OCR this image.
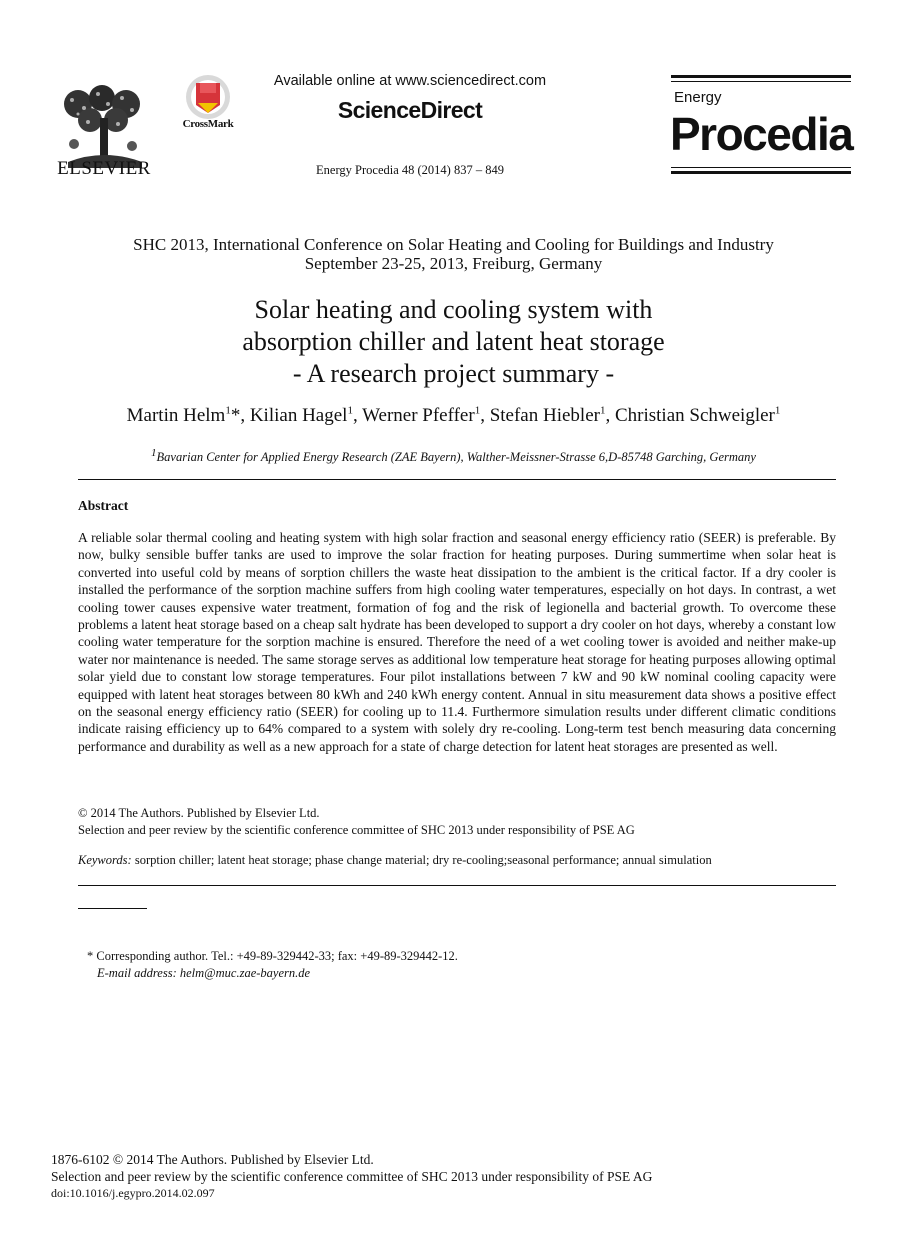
ELSEVIER
CrossMark
Available online at www.sciencedirect.com
ScienceDirect
Energy Procedia 48 (2014) 837 – 849
Energy
Procedia
SHC 2013, International Conference on Solar Heating and Cooling for Buildings and Industry
September 23-25, 2013, Freiburg, Germany
Solar heating and cooling system with
absorption chiller and latent heat storage
- A research project summary -
Martin Helm$^1$*, Kilian Hagel$^1$, Werner Pfeffer$^1$, Stefan Hiebler$^1$, Christian Schweigler$^1$
$^1$Bavarian Center for Applied Energy Research (ZAE Bayern), Walther-Meissner-Strasse 6,D-85748 Garching, Germany
Abstract
A reliable solar thermal cooling and heating system with high solar fraction and seasonal energy efficiency ratio (SEER) is preferable. By now, bulky sensible buffer tanks are used to improve the solar fraction for heating purposes. During summertime when solar heat is converted into useful cold by means of sorption chillers the waste heat dissipation to the ambient is the critical factor. If a dry cooler is installed the performance of the sorption machine suffers from high cooling water temperatures, especially on hot days. In contrast, a wet cooling tower causes expensive water treatment, formation of fog and the risk of legionella and bacterial growth. To overcome these problems a latent heat storage based on a cheap salt hydrate has been developed to support a dry cooler on hot days, whereby a constant low cooling water temperature for the sorption machine is ensured. Therefore the need of a wet cooling tower is avoided and neither make-up water nor maintenance is needed. The same storage serves as additional low temperature heat storage for heating purposes allowing optimal solar yield due to constant low storage temperatures. Four pilot installations between 7 kW and 90 kW nominal cooling capacity were equipped with latent heat storages between 80 kWh and 240 kWh energy content. Annual in situ measurement data shows a positive effect on the seasonal energy efficiency ratio (SEER) for cooling up to 11.4. Furthermore simulation results under different climatic conditions indicate raising efficiency up to 64% compared to a system with solely dry re-cooling. Long-term test bench measuring data concerning performance and durability as well as a new approach for a state of charge detection for latent heat storages are presented as well.
© 2014 The Authors. Published by Elsevier Ltd.
Selection and peer review by the scientific conference committee of SHC 2013 under responsibility of PSE AG
Keywords: sorption chiller; latent heat storage; phase change material; dry re-cooling;seasonal performance; annual simulation
* Corresponding author. Tel.: +49-89-329442-33; fax: +49-89-329442-12.
E-mail address: helm@muc.zae-bayern.de
1876-6102 © 2014 The Authors. Published by Elsevier Ltd.
Selection and peer review by the scientific conference committee of SHC 2013 under responsibility of PSE AG
doi:10.1016/j.egypro.2014.02.097
